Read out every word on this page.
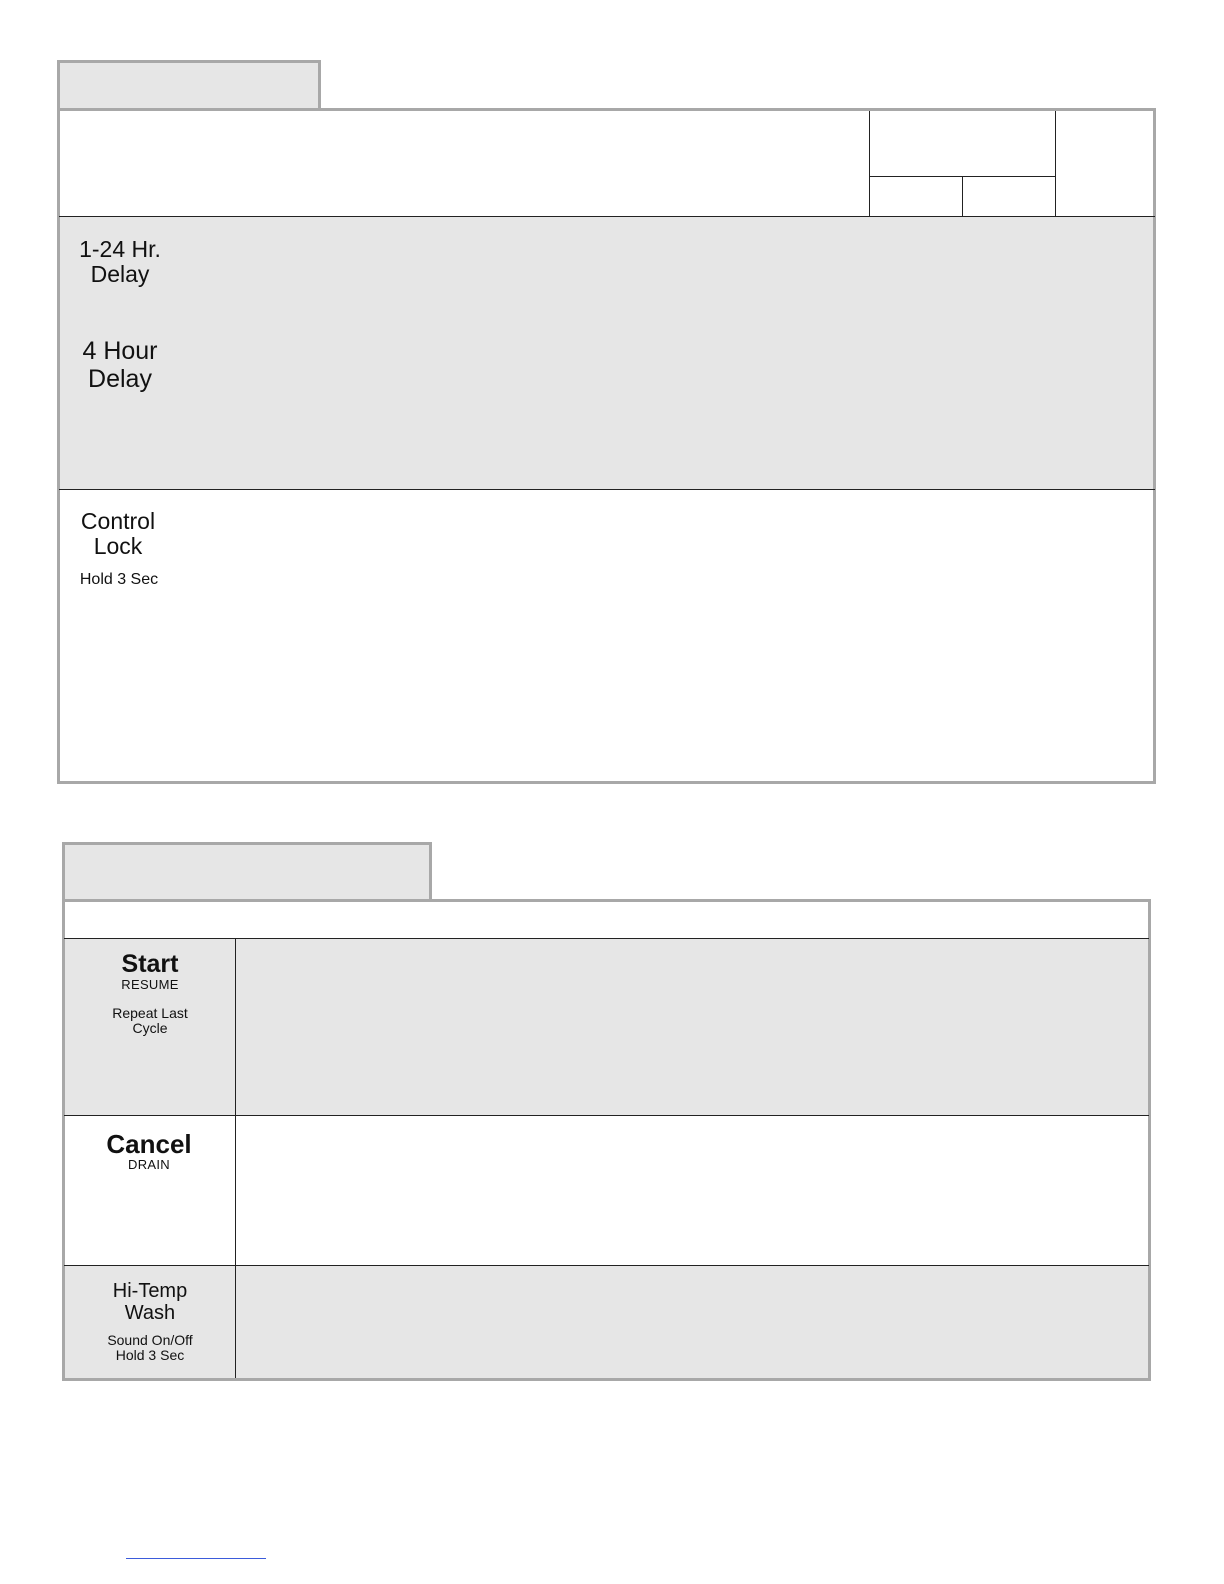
1-24 Hr.
Delay
4 Hour
Delay
Control
Lock
Hold 3 Sec
Start
RESUME
Repeat Last
Cycle
Cancel
DRAIN
Hi-Temp
Wash
Sound On/Off
Hold 3 Sec
